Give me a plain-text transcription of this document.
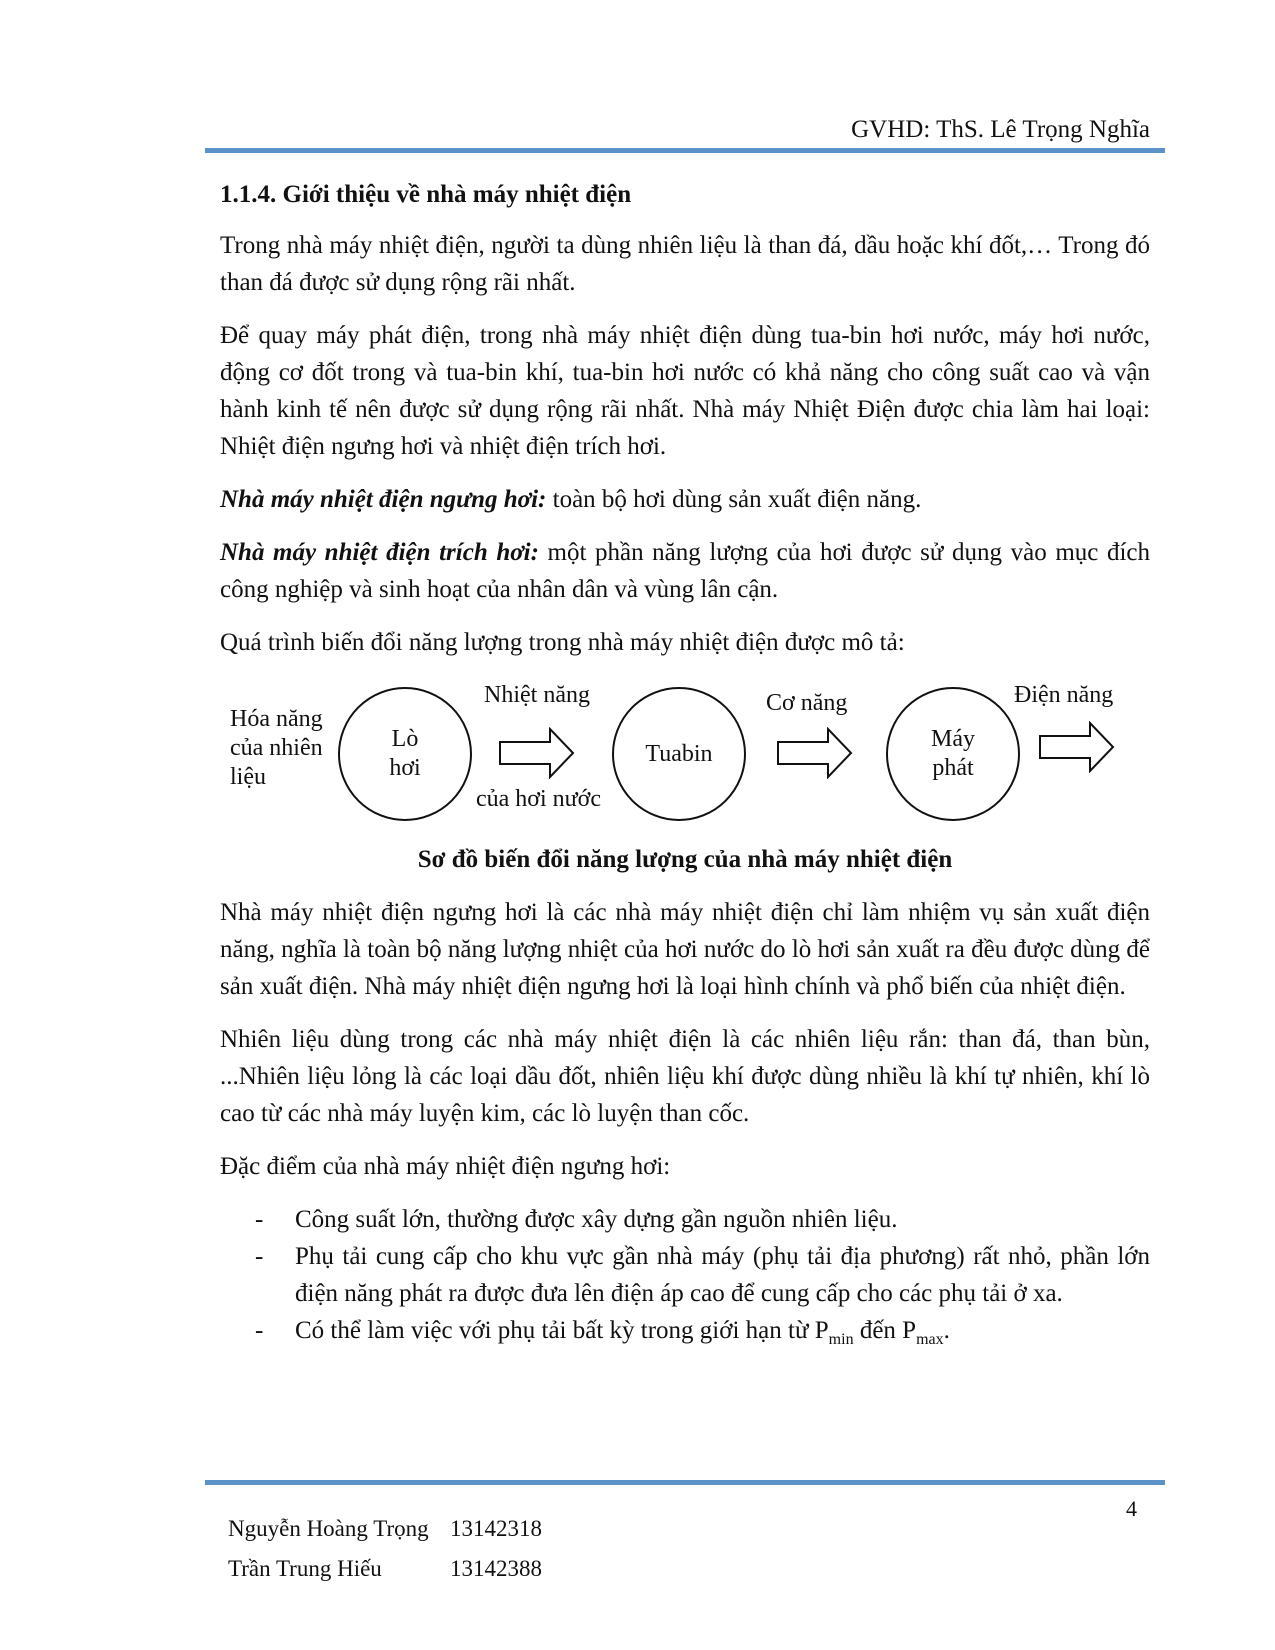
GVHD: ThS. Lê Trọng Nghĩa
1.1.4. Giới thiệu về nhà máy nhiệt điện

Trong nhà máy nhiệt điện, người ta dùng nhiên liệu là than đá, dầu hoặc khí đốt,… Trong đó than đá được sử dụng rộng rãi nhất.

Để quay máy phát điện, trong nhà máy nhiệt điện dùng tua-bin hơi nước, máy hơi nước, động cơ đốt trong và tua-bin khí, tua-bin hơi nước có khả năng cho công suất cao và vận hành kinh tế nên được sử dụng rộng rãi nhất. Nhà máy Nhiệt Điện được chia làm hai loại: Nhiệt điện ngưng hơi và nhiệt điện trích hơi.

Nhà máy nhiệt điện ngưng hơi: toàn bộ hơi dùng sản xuất điện năng.

Nhà máy nhiệt điện trích hơi: một phần năng lượng của hơi được sử dụng vào mục đích công nghiệp và sinh hoạt của nhân dân và vùng lân cận.

Quá trình biến đổi năng lượng trong nhà máy nhiệt điện được mô tả:

Hóa năng
của nhiên
liệu
Lò
hơi
Nhiệt năng
của hơi nước
Tuabin
Cơ năng
Máy
phát
Điện năng
Sơ đồ biến đổi năng lượng của nhà máy nhiệt điện

Nhà máy nhiệt điện ngưng hơi là các nhà máy nhiệt điện chỉ làm nhiệm vụ sản xuất điện năng, nghĩa là toàn bộ năng lượng nhiệt của hơi nước do lò hơi sản xuất ra đều được dùng để sản xuất điện. Nhà máy nhiệt điện ngưng hơi là loại hình chính và phổ biến của nhiệt điện.

Nhiên liệu dùng trong các nhà máy nhiệt điện là các nhiên liệu rắn: than đá, than bùn, ...Nhiên liệu lỏng là các loại dầu đốt, nhiên liệu khí được dùng nhiều là khí tự nhiên, khí lò cao từ các nhà máy luyện kim, các lò luyện than cốc.

Đặc điểm của nhà máy nhiệt điện ngưng hơi:

- Công suất lớn, thường được xây dựng gần nguồn nhiên liệu.
- Phụ tải cung cấp cho khu vực gần nhà máy (phụ tải địa phương) rất nhỏ, phần lớn điện năng phát ra được đưa lên điện áp cao để cung cấp cho các phụ tải ở xa.
- Có thể làm việc với phụ tải bất kỳ trong giới hạn từ $P_{min}$ đến $P_{max}$.
4
Nguyễn Hoàng Trọng 13142318
Trần Trung Hiếu	13142388
